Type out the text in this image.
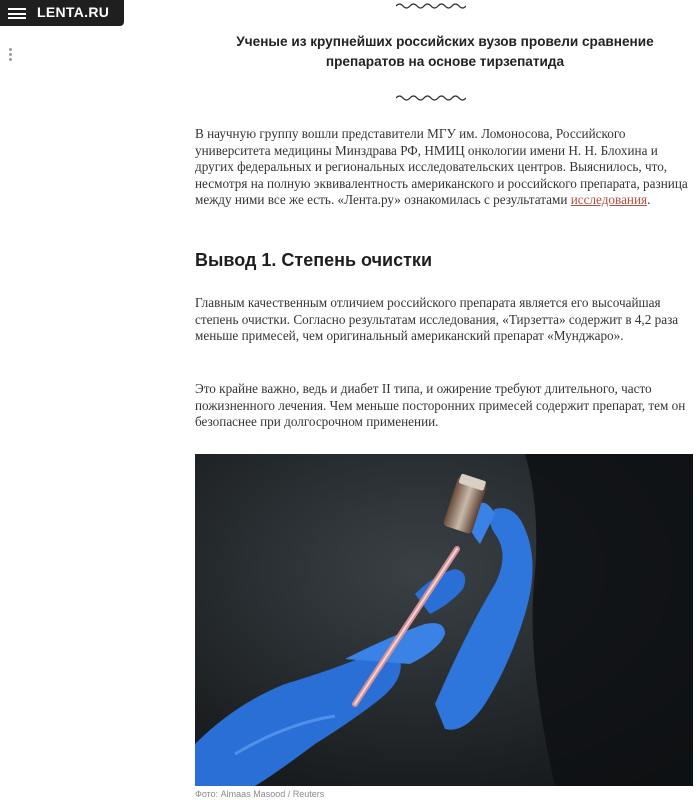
LENTA.RU
Ученые из крупнейших российских вузов провели сравнение препаратов на основе тирзепатида
В научную группу вошли представители МГУ им. Ломоносова, Российского университета медицины Минздрава РФ, НМИЦ онкологии имени Н. Н. Блохина и других федеральных и региональных исследовательских центров. Выяснилось, что, несмотря на полную эквивалентность американского и российского препарата, разница между ними все же есть. «Лента.ру» ознакомилась с результатами исследования.
Вывод 1. Степень очистки
Главным качественным отличием российского препарата является его высочайшая степень очистки. Согласно результатам исследования, «Тирзетта» содержит в 4,2 раза меньше примесей, чем оригинальный американский препарат «Мунджаро».
Это крайне важно, ведь и диабет II типа, и ожирение требуют длительного, часто пожизненного лечения. Чем меньше посторонних примесей содержит препарат, тем он безопаснее при долгосрочном применении.
Фото: Almaas Masood / Reuters
